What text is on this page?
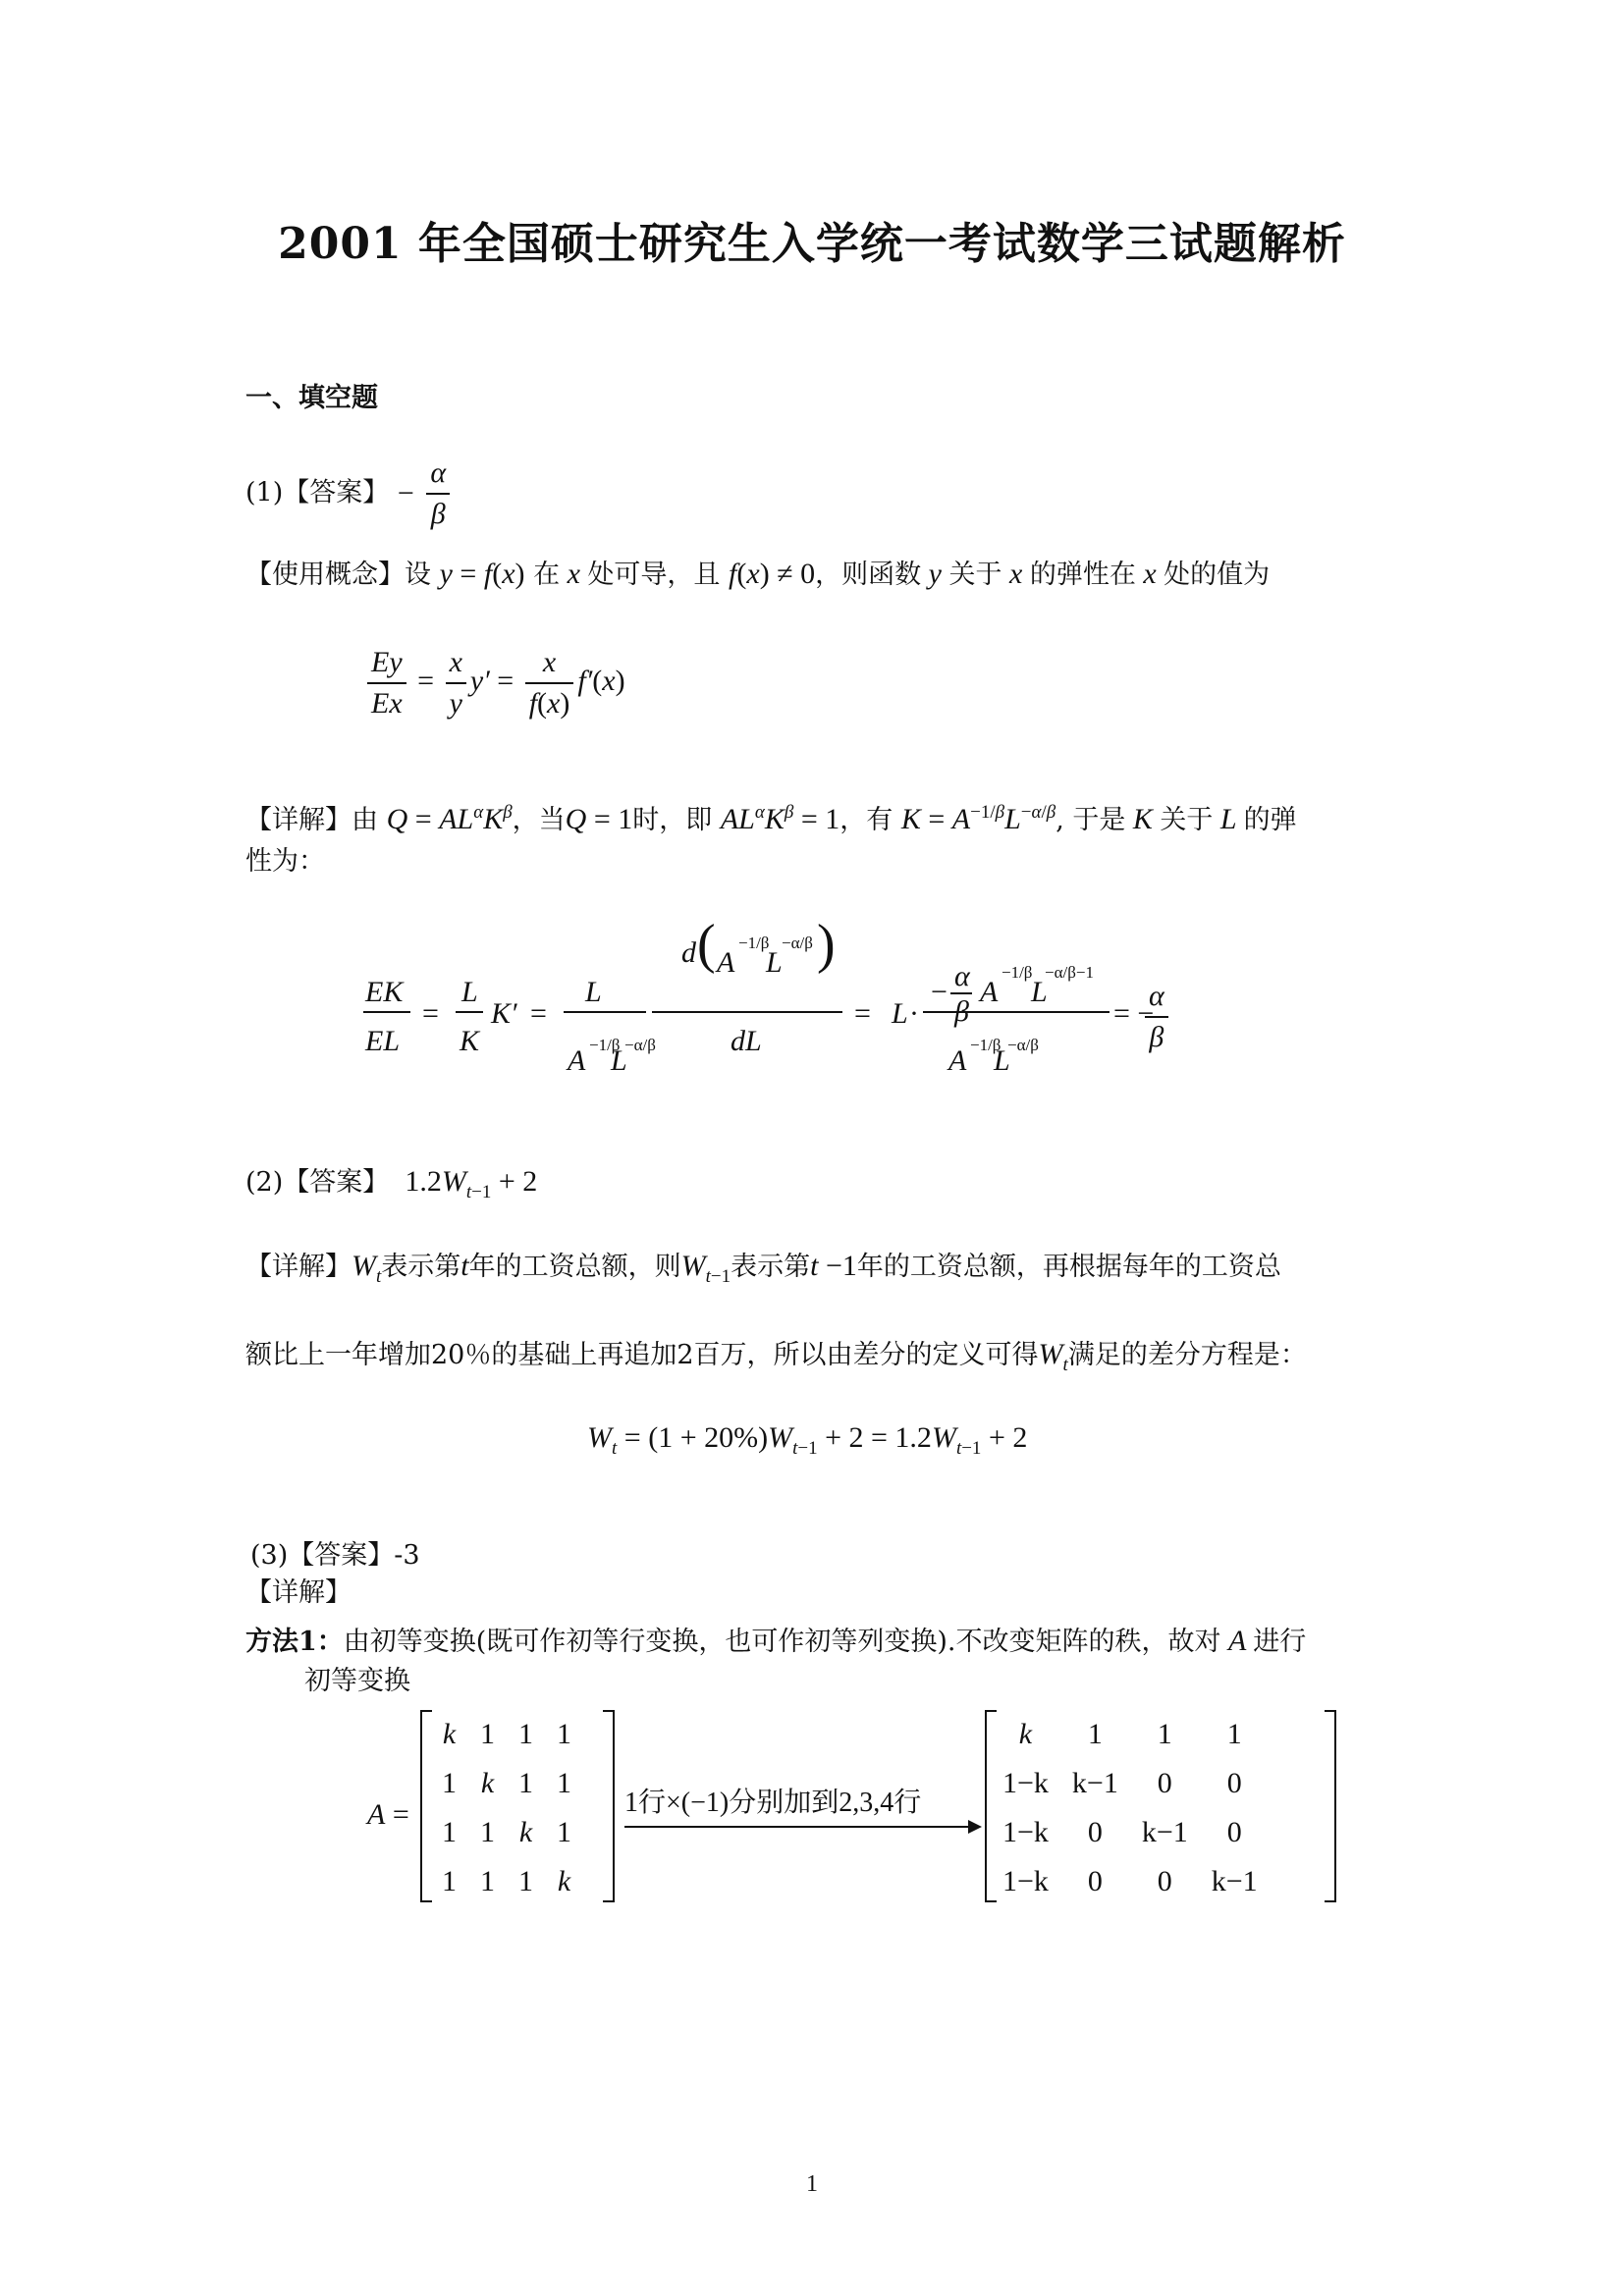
2001 年全国硕士研究生入学统一考试数学三试题解析
一、填空题
(1)【答案】 − $\frac{\alpha}{\beta}$
【使用概念】设 y = f(x) 在 x 处可导，且 f(x) ≠ 0，则函数 y 关于 x 的弹性在 x 处的值为
$\frac{Ey}{Ex} = \frac{x}{y} y' = \frac{x}{f(x)} f'(x)$
【详解】由 $Q = AL^\alpha K^\beta$，当Q = 1时，即 $AL^\alpha K^\beta = 1$，有 $K = A^{-1/\beta}L^{-\alpha/\beta}$, 于是 K 关于 L 的弹
性为：
EK
EL
=
L
K
K′ =
L
A −1/β
L
−α/β
d ( A
−1/β
L
−α/β )
dL
= L ·
− α
β
A
−1/β
L
−α/β−1
A −1/β
L
−α/β
= −
$\frac{\alpha}{\beta}$
(2)【答案】  $1.2W_{t-1} + 2$
【详解】$W_t$表示第t年的工资总额，则$W_{t-1}$表示第t −1年的工资总额，再根据每年的工资总
额比上一年增加20％的基础上再追加2百万，所以由差分的定义可得$W_t$满足的差分方程是：
$W_t = (1 + 20\%)W_{t-1} + 2 = 1.2W_{t-1} + 2$
(3)【答案】-3
【详解】
方法1：由初等变换(既可作初等行变换，也可作初等列变换).不改变矩阵的秩，故对 A 进行
初等变换
A =
k	1	1	1
1	k	1	1
1	1	k	1
1	1	1	k
1行×(−1)分别加到2,3,4行
k	1	1	1
1−k	k−1	0	0
1−k	0	k−1	0
1−k	0	0	k−1
1
